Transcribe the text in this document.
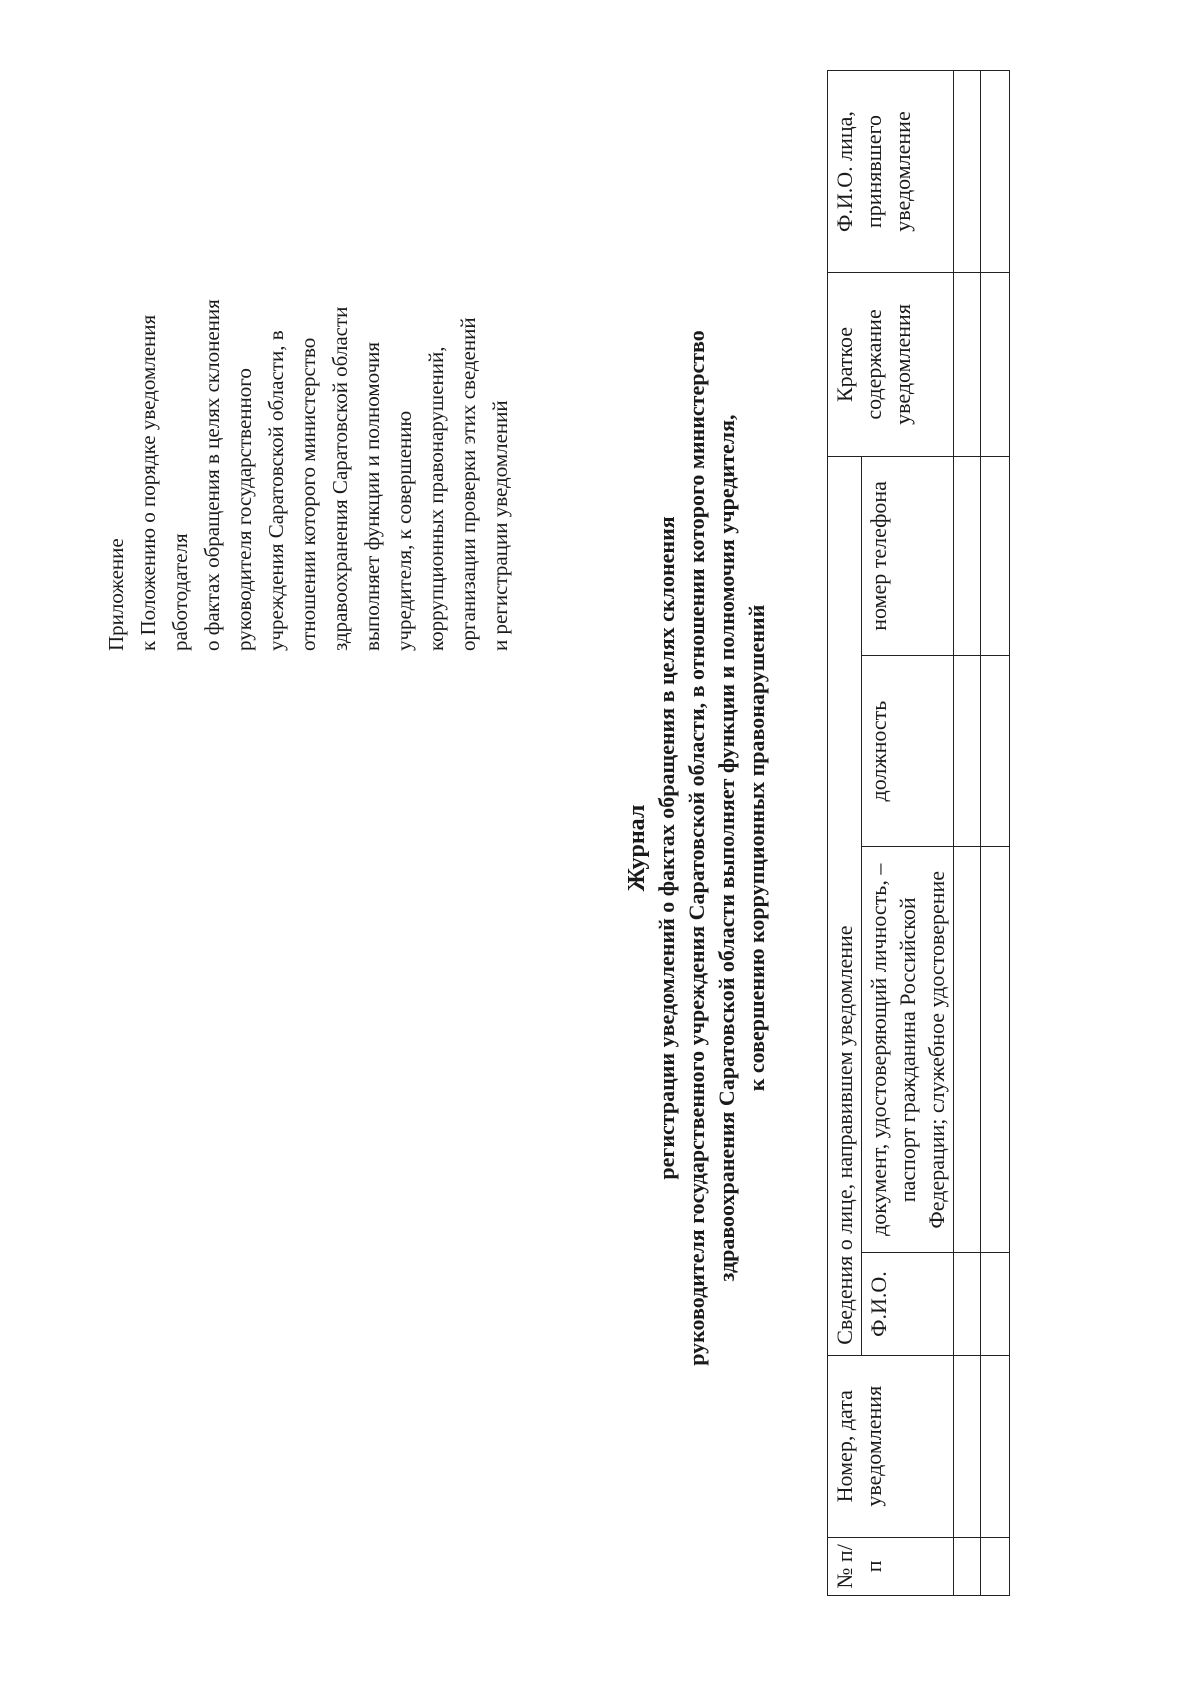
Приложение к Положению о порядке уведомления работодателя о фактах обращения в целях склонения руководителя государственного учреждения Саратовской области, в отношении которого министерство здравоохранения Саратовской области выполняет функции и полномочия учредителя, к совершению коррупционных правонарушений, организации проверки этих сведений и регистрации уведомлений
Журнал регистрации уведомлений о фактах обращения в целях склонения руководителя государственного учреждения Саратовской области, в отношении которого министерство здравоохранения Саратовской области выполняет функции и полномочия учредителя, к совершению коррупционных правонарушений
№ п/п	Номер, дата уведомления	Сведения о лице, направившем уведомление				Краткое содержание уведомления	Ф.И.О. лица, принявшего уведомление
		Ф.И.О.	документ, удостоверяющий личность, – паспорт гражданина Российской Федерации; служебное удостоверение	должность	номер телефона		
